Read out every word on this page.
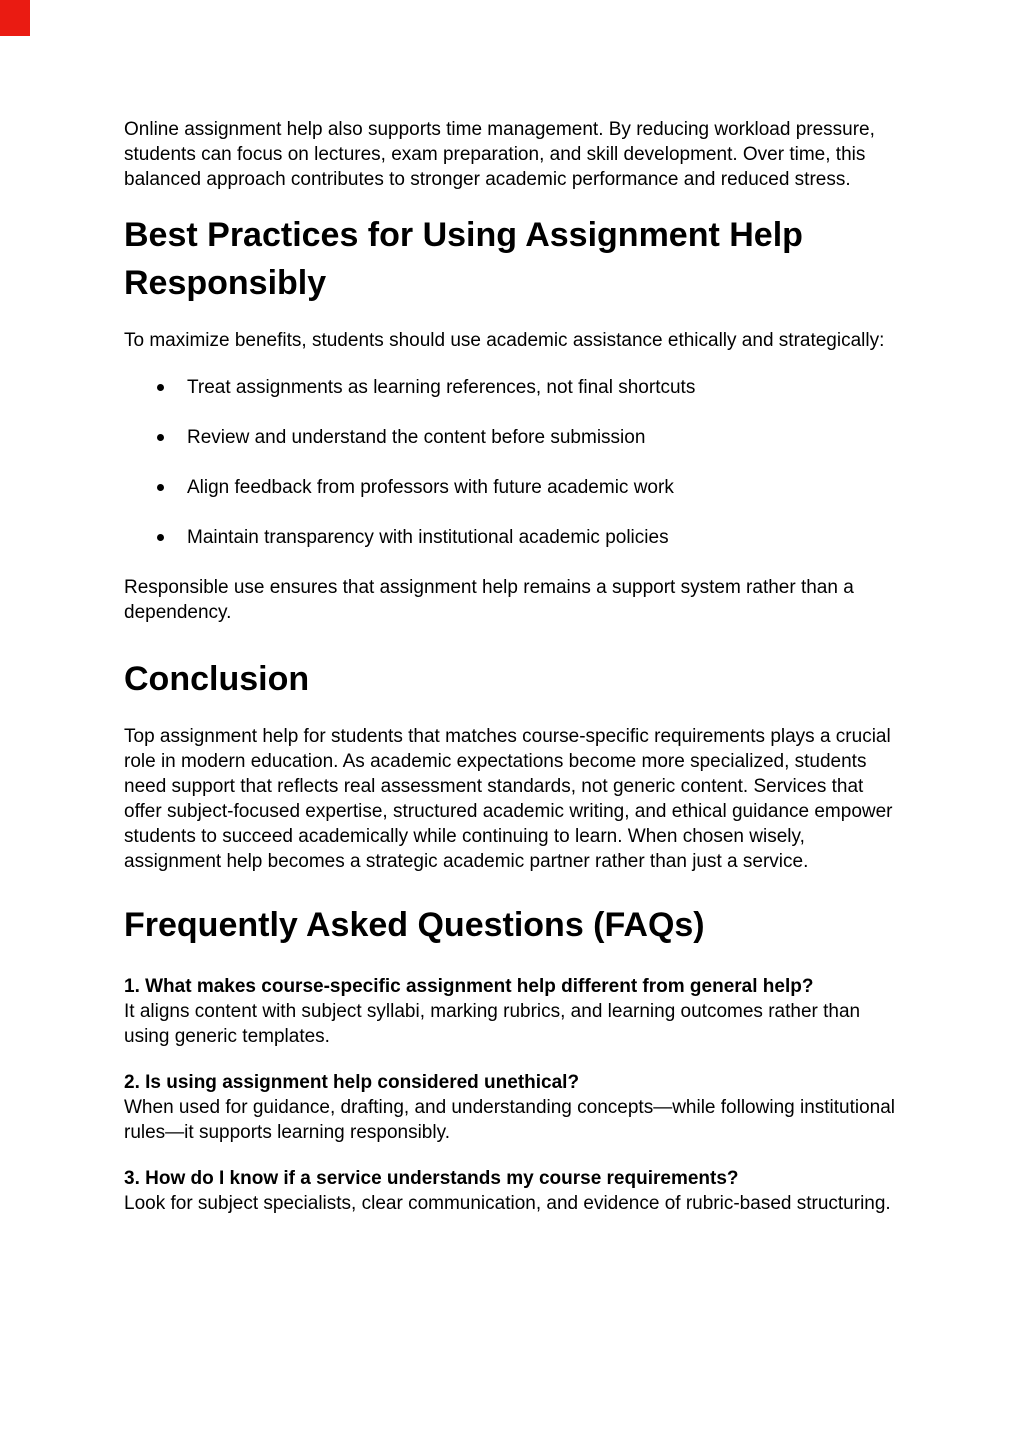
Online assignment help also supports time management. By reducing workload pressure,
students can focus on lectures, exam preparation, and skill development. Over time, this
balanced approach contributes to stronger academic performance and reduced stress.
Best Practices for Using Assignment Help
Responsibly
To maximize benefits, students should use academic assistance ethically and strategically:
Treat assignments as learning references, not final shortcuts
Review and understand the content before submission
Align feedback from professors with future academic work
Maintain transparency with institutional academic policies
Responsible use ensures that assignment help remains a support system rather than a
dependency.
Conclusion
Top assignment help for students that matches course-specific requirements plays a crucial
role in modern education. As academic expectations become more specialized, students
need support that reflects real assessment standards, not generic content. Services that
offer subject-focused expertise, structured academic writing, and ethical guidance empower
students to succeed academically while continuing to learn. When chosen wisely,
assignment help becomes a strategic academic partner rather than just a service.
Frequently Asked Questions (FAQs)
1. What makes course-specific assignment help different from general help?
It aligns content with subject syllabi, marking rubrics, and learning outcomes rather than
using generic templates.
2. Is using assignment help considered unethical?
When used for guidance, drafting, and understanding concepts—while following institutional
rules—it supports learning responsibly.
3. How do I know if a service understands my course requirements?
Look for subject specialists, clear communication, and evidence of rubric-based structuring.
